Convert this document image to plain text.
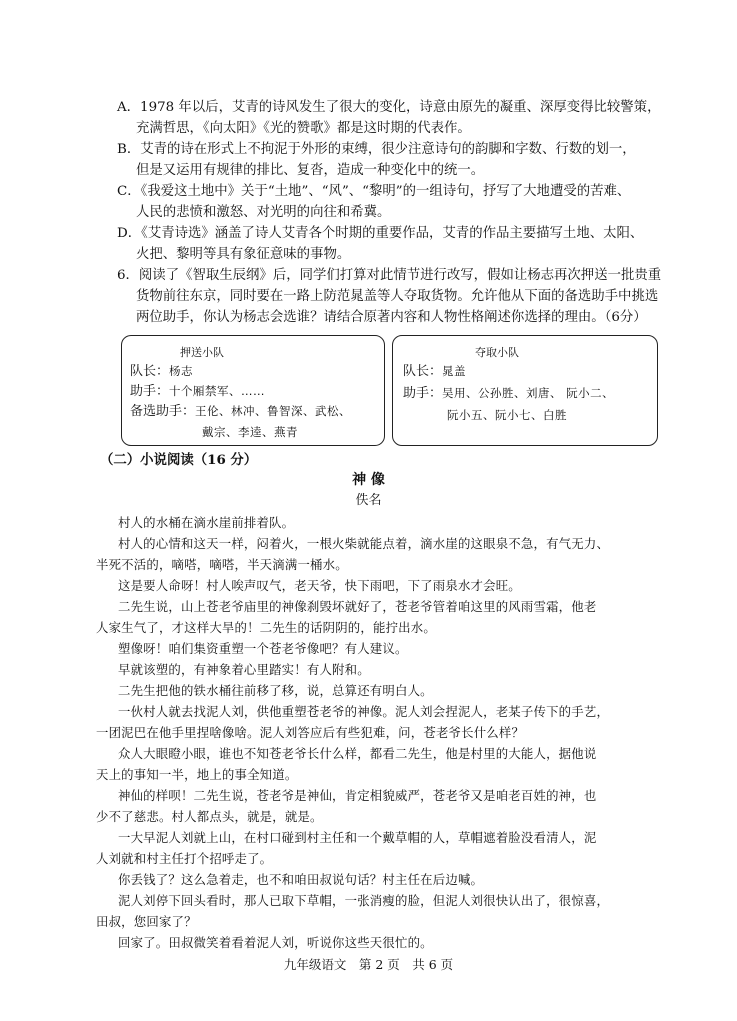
A．1978 年以后，艾青的诗风发生了很大的变化，诗意由原先的凝重、深厚变得比较警策，
充满哲思，《向太阳》《光的赞歌》都是这时期的代表作。
B．艾青的诗在形式上不拘泥于外形的束缚，很少注意诗句的韵脚和字数、行数的划一，
但是又运用有规律的排比、复沓，造成一种变化中的统一。
C．《我爱这土地中》关于“土地”、“风”、“黎明”的一组诗句，抒写了大地遭受的苦难、
人民的悲愤和激怒、对光明的向往和希冀。
D．《艾青诗选》涵盖了诗人艾青各个时期的重要作品，艾青的作品主要描写土地、太阳、
火把、黎明等具有象征意味的事物。
6．阅读了《智取生辰纲》后，同学们打算对此情节进行改写，假如让杨志再次押送一批贵重
货物前往东京，同时要在一路上防范晁盖等人夺取货物。允许他从下面的备选助手中挑选
两位助手，你认为杨志会选谁？请结合原著内容和人物性格阐述你选择的理由。（6分）
押送小队
队长：杨志
助手：十个厢禁军、……
备选助手：王伦、林冲、鲁智深、武松、
戴宗、李逵、燕青
夺取小队
队长：晁盖
助手：吴用、公孙胜、刘唐、 阮小二、
阮小五、阮小七、白胜
（二）小说阅读（16 分）
神 像
佚名
村人的水桶在滴水崖前排着队。
村人的心情和这天一样，闷着火，一根火柴就能点着，滴水崖的这眼泉不急，有气无力、
半死不活的，嘀嗒，嘀嗒，半天滴满一桶水。
这是要人命呀！村人唉声叹气，老天爷，快下雨吧，下了雨泉水才会旺。
二先生说，山上苍老爷庙里的神像刹毁坏就好了，苍老爷管着咱这里的风雨雪霜，他老
人家生气了，才这样大旱的！二先生的话阴阴的，能拧出水。
塑像呀！咱们集资重塑一个苍老爷像吧？有人建议。
早就该塑的，有神象着心里踏实！有人附和。
二先生把他的铁水桶往前移了移，说，总算还有明白人。
一伙村人就去找泥人刘，供他重塑苍老爷的神像。泥人刘会捏泥人，老某子传下的手艺，
一团泥巴在他手里捏啥像啥。泥人刘答应后有些犯难，问，苍老爷长什么样？
众人大眼瞪小眼，谁也不知苍老爷长什么样，都看二先生，他是村里的大能人，据他说
天上的事知一半，地上的事全知道。
神仙的样呗！二先生说，苍老爷是神仙，肯定相貌威严，苍老爷又是咱老百姓的神，也
少不了慈悲。村人都点头，就是，就是。
一大早泥人刘就上山，在村口碰到村主任和一个戴草帽的人，草帽遮着脸没看清人，泥
人刘就和村主任打个招呼走了。
你丢钱了？这么急着走，也不和咱田叔说句话？村主任在后边喊。
泥人刘停下回头看时，那人已取下草帽，一张消瘦的脸，但泥人刘很快认出了，很惊喜，
田叔，您回家了？
回家了。田叔微笑着看着泥人刘，听说你这些天很忙的。
九年级语文　第 2 页　共 6 页
